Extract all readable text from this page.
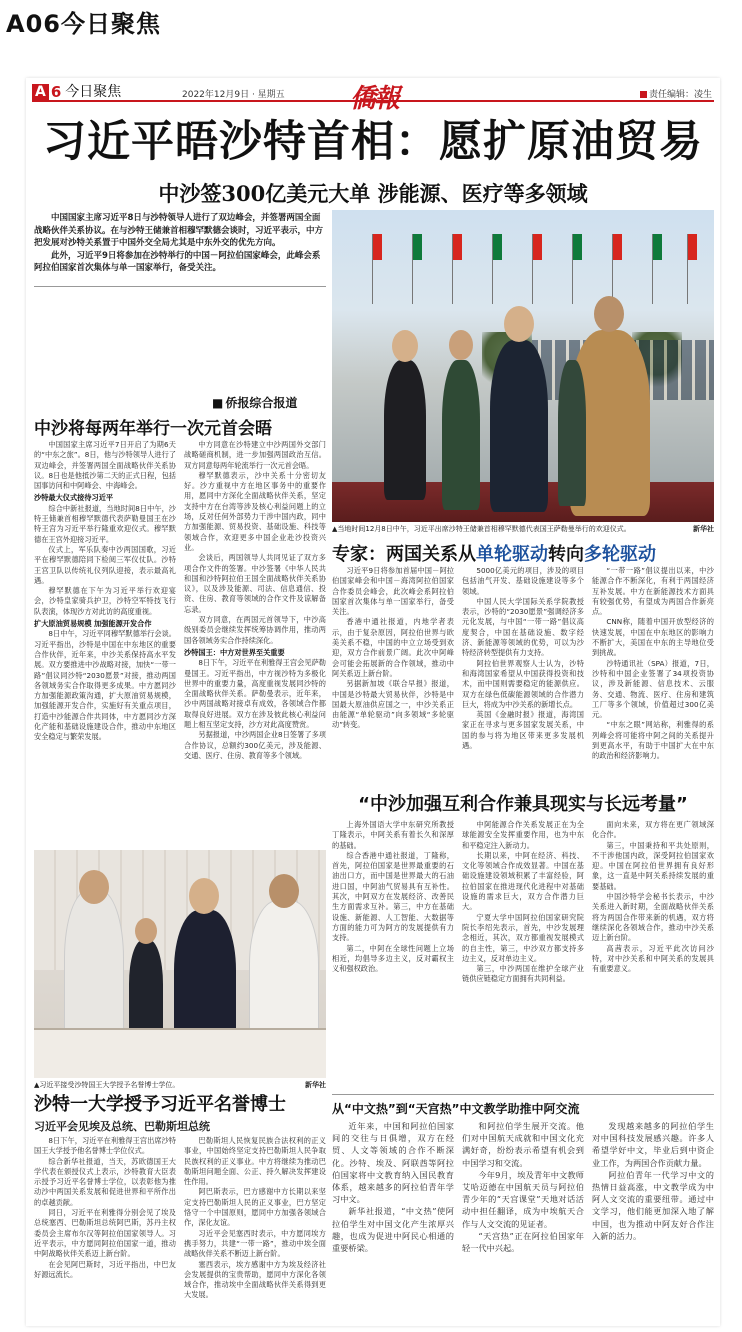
A06今日聚焦
A 6 今日聚焦	2022年12月9日 · 星期五	僑報	责任编辑：凌生
习近平晤沙特首相：愿扩原油贸易
中沙签300亿美元大单 涉能源、医疗等多领域

中国国家主席习近平8日与沙特领导人进行了双边峰会，并签署两国全面战略伙伴关系协议。在与沙特王储兼首相穆罕默德会谈时，习近平表示，中方把发展对沙特关系置于中国外交全局尤其是中东外交的优先方向。

此外，习近平9日将参加在沙特举行的中国－阿拉伯国家峰会，此峰会系阿拉伯国家首次集体与单一国家举行，备受关注。

▲当地时间12月8日中午，习近平出席沙特王储兼首相穆罕默德代表国王萨勒曼举行的欢迎仪式。	新华社
■ 侨报综合报道
中沙将每两年举行一次元首会晤

中国国家主席习近平7日开启了为期6天的“中东之旅”。8日，他与沙特领导人进行了双边峰会，并签署两国全面战略伙伴关系协议。8日也是他抵沙第二天的正式日程，包括国事访问和中阿峰会、中海峰会。

沙特最大仪式接待习近平

综合中新社报道，当地时间8日中午，沙特王储兼首相穆罕默德代表萨勒曼国王在沙特王宫为习近平举行隆重欢迎仪式。穆罕默德在王宫外迎接习近平。

仪式上，军乐队奏中沙两国国歌，习近平在穆罕默德陪同下检阅三军仪仗队。沙特王宫卫队以传统礼仪列队迎接，表示最高礼遇。

穆罕默德在下午为习近平举行欢迎宴会，沙特皇家骑兵护卫，沙特空军特技飞行队表演，体现沙方对此访的高度重视。

扩大原油贸易规模 加强能源开发合作

8日中午，习近平同穆罕默德举行会谈。习近平指出，沙特是中国在中东地区的重要合作伙伴，近年来，中沙关系保持高水平发展。双方要推进中沙战略对接，加快“一带一路”倡议同沙特“2030愿景”对接，推动两国各领域务实合作取得更多成果。中方愿同沙方加强能源政策沟通，扩大原油贸易规模，加强能源开发合作，实施好有关重点项目，打造中沙能源合作共同体，中方愿同沙方深化产能和基础设施建设合作，推动中东地区安全稳定与繁荣发展。

中方同意在沙特建立中沙两国外交部门战略磋商机制，进一步加强两国政治互信。双方同意每两年轮流举行一次元首会晤。

穆罕默德表示，沙中关系十分密切友好。沙方重视中方在地区事务中的重要作用，愿同中方深化全面战略伙伴关系，坚定支持中方在台湾等涉及核心利益问题上的立场，反对任何外部势力干涉中国内政，同中方加强能源、贸易投资、基础设施、科技等领域合作，欢迎更多中国企业赴沙投资兴业。

会谈后，两国领导人共同见证了双方多项合作文件的签署。中沙签署《中华人民共和国和沙特阿拉伯王国全面战略伙伴关系协议》，以及涉及能源、司法、信息通信、投资、住房、教育等领域的合作文件及谅解备忘录。

双方同意，在两国元首领导下，中沙高级别委员会继续发挥统筹协调作用，推动两国各领域务实合作持续深化。

沙特国王：中方对世界至关重要

8日下午，习近平在利雅得王宫会见萨勒曼国王。习近平指出，中方视沙特为多极化世界中的重要力量，高度重视发展同沙特的全面战略伙伴关系。萨勒曼表示，近年来，沙中两国战略对接卓有成效，各领域合作都取得良好进展。双方在涉及彼此核心利益问题上相互坚定支持，沙方对此高度赞赏。

另据报道，中沙两国企业8日签署了多项合作协议，总额约300亿美元，涉及能源、交通、医疗、住房、教育等多个领域。

▲习近平接受沙特国王大学授予名誉博士学位。	新华社
沙特一大学授予习近平名誉博士
习近平会见埃及总统、巴勒斯坦总统

8日下午，习近平在利雅得王宫出席沙特国王大学授予他名誉博士学位仪式。

综合新华社报道，当天，苏欧德国王大学代表在颁授仪式上表示，沙特教育大臣表示授予习近平名誉博士学位，以表彰他为推动沙中两国关系发展和促进世界和平所作出的卓越贡献。

同日，习近平在利雅得分别会见了埃及总统塞西、巴勒斯坦总统阿巴斯，苏丹主权委员会主席布尔汉等阿拉伯国家领导人。习近平表示，中方愿同阿拉伯国家一道，推动中阿战略伙伴关系迈上新台阶。

在会见阿巴斯时，习近平指出，中巴友好源远流长。

巴勒斯坦人民恢复民族合法权利的正义事业，中国始终坚定支持巴勒斯坦人民争取民族权利的正义事业。中方将继续为推动巴勒斯坦问题全面、公正、持久解决发挥建设性作用。

阿巴斯表示，巴方感谢中方长期以来坚定支持巴勒斯坦人民的正义事业，巴方坚定恪守一个中国原则，愿同中方加强各领域合作，深化友谊。

习近平会见塞西时表示，中方愿同埃方携手努力，共建“一带一路”，推动中埃全面战略伙伴关系不断迈上新台阶。

塞西表示，埃方感谢中方为埃及经济社会发展提供的宝贵帮助，愿同中方深化各领域合作，推动埃中全面战略伙伴关系得到更大发展。

专家：两国关系从单轮驱动转向多轮驱动

习近平9日将参加首届中国－阿拉伯国家峰会和中国－海湾阿拉伯国家合作委员会峰会，此次峰会系阿拉伯国家首次集体与单一国家举行，备受关注。

香港中通社报道，内地学者表示，由于复杂原因，阿拉伯世界与欧美关系不稳，中国的中立立场受到欢迎，双方合作前景广阔。此次中阿峰会可能会拓展新的合作领域，推动中阿关系迈上新台阶。

另据新加坡《联合早报》报道，中国是沙特最大贸易伙伴，沙特是中国最大原油供应国之一，中沙关系正由能源“单轮驱动”向多领域“多轮驱动”转变。

5000亿美元的项目，涉及的项目包括油气开发、基础设施建设等多个领域。

中国人民大学国际关系学院教授表示，沙特的“2030愿景”强调经济多元化发展，与中国“一带一路”倡议高度契合，中国在基础设施、数字经济、新能源等领域的优势，可以为沙特经济转型提供有力支持。

阿拉伯世界观察人士认为，沙特和海湾国家希望从中国获得投资和技术，而中国则需要稳定的能源供应。双方在绿色低碳能源领域的合作潜力巨大，将成为中沙关系的新增长点。

英国《金融时报》报道，海湾国家正在寻求与更多国家发展关系，中国的参与将为地区带来更多发展机遇。

“一带一路”倡议提出以来，中沙能源合作不断深化，有利于两国经济互补发展。中方在新能源技术方面具有较强优势，有望成为两国合作新亮点。

CNN称，随着中国开放型经济的快速发展，中国在中东地区的影响力不断扩大，美国在中东的主导地位受到挑战。

沙特通讯社（SPA）报道，7日，沙特和中国企业签署了34项投资协议，涉及新能源、信息技术、云服务、交通、物流、医疗、住房和建筑工厂等多个领域，价值超过300亿美元。

“中东之眼”网站称，利雅得的系列峰会将可能将中阿之间的关系提升到更高水平，有助于中国扩大在中东的政治和经济影响力。

“中沙加强互利合作兼具现实与长远考量”

上海外国语大学中东研究所教授丁隆表示，中阿关系有着长久和深厚的基础。

综合香港中通社报道，丁隆称，首先，阿拉伯国家是世界最重要的石油出口方，而中国是世界最大的石油进口国，中阿油气贸易具有互补性。其次，中阿双方在发展经济、改善民生方面需求互补。第三，中方在基础设施、新能源、人工智能、大数据等方面的能力可为阿方的发展提供有力支持。

第二，中阿在全球性问题上立场相近，均倡导多边主义，反对霸权主义和强权政治。

中阿能源合作关系发展正在为全球能源安全发挥重要作用，也为中东和平稳定注入新动力。

长期以来，中阿在经济、科技、文化等领域合作成效显著。中国在基础设施建设领域积累了丰富经验，阿拉伯国家在推进现代化进程中对基础设施的需求巨大，双方合作潜力巨大。

宁夏大学中国阿拉伯国家研究院院长李绍先表示，首先，中沙发展理念相近，其次，双方都重视发展模式的自主性，第三，中沙双方都支持多边主义，反对单边主义。

第三，中沙两国在维护全球产业链供应链稳定方面拥有共同利益。

面向未来，双方将在更广领域深化合作。

第三，中国秉持和平共处原则，不干涉他国内政，深受阿拉伯国家欢迎。中国在阿拉伯世界拥有良好形象，这一直是中阿关系持续发展的重要基础。

中国沙特学会秘书长表示，中沙关系进入新时期，全面战略伙伴关系将为两国合作带来新的机遇，双方将继续深化各领域合作，推动中沙关系迈上新台阶。

高茜表示，习近平此次访问沙特，对中沙关系和中阿关系的发展具有重要意义。

从“中文热”到“天宫热”中文教学助推中阿交流

近年来，中国和阿拉伯国家间的交往与日俱增，双方在经贸、人文等领域的合作不断深化。沙特、埃及、阿联酋等阿拉伯国家将中文教育纳入国民教育体系，越来越多的阿拉伯青年学习中文。

新华社报道，“中文热”使阿拉伯学生对中国文化产生浓厚兴趣，也成为促进中阿民心相通的重要桥梁。

和阿拉伯学生展开交流。他们对中国航天成就和中国文化充满好奇，纷纷表示希望有机会到中国学习和交流。

今年9月，埃及青年中文教师艾哈迈德在中国航天员与阿拉伯青少年的“天宫课堂”天地对话活动中担任翻译，成为中埃航天合作与人文交流的见证者。

“天宫热”正在阿拉伯国家年轻一代中兴起。

发现越来越多的阿拉伯学生对中国科技发展感兴趣。许多人希望学好中文，毕业后到中资企业工作，为两国合作贡献力量。

阿拉伯青年一代学习中文的热情日益高涨，中文教学成为中阿人文交流的重要纽带。通过中文学习，他们能更加深入地了解中国，也为推动中阿友好合作注入新的活力。
